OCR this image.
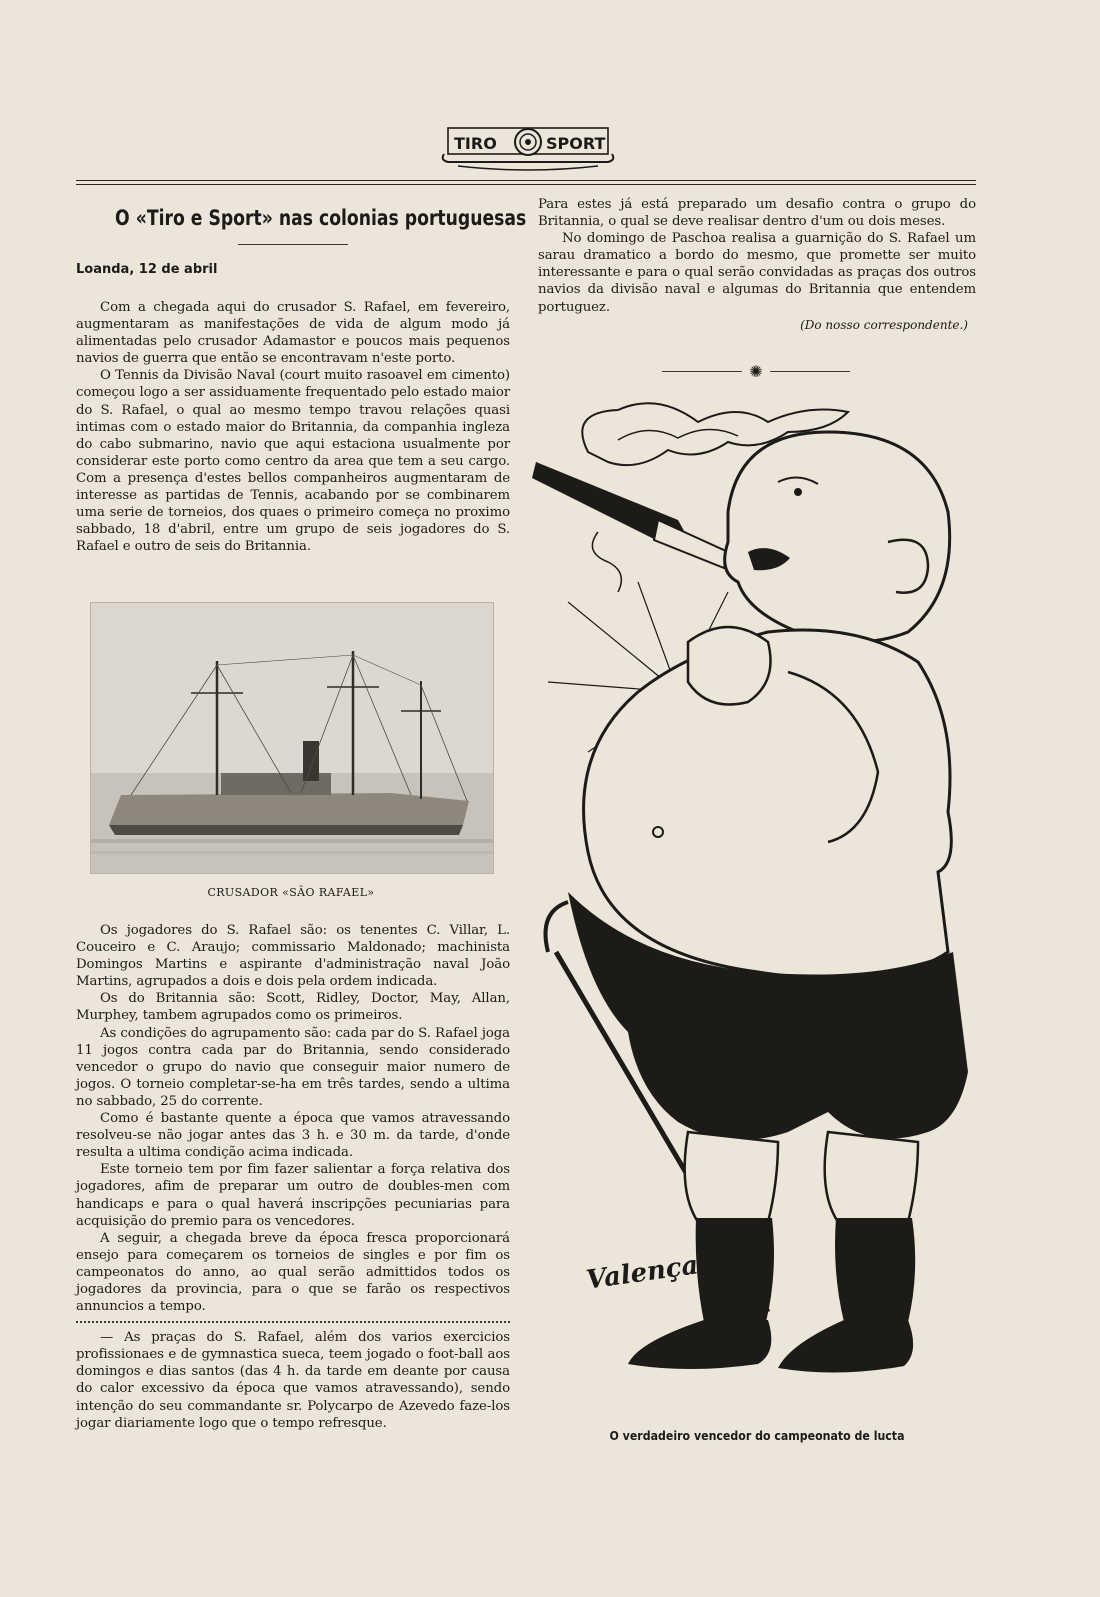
TIRO	SPORT
O «Tiro e Sport» nas colonias portuguesas
Loanda, 12 de abril

Com a chegada aqui do crusador S. Rafael, em fevereiro, augmentaram as manifestações de vida de algum modo já alimentadas pelo crusador Adamastor e poucos mais pequenos navios de guerra que então se encontravam n'este porto.

O Tennis da Divisão Naval (court muito rasoavel em cimento) começou logo a ser assiduamente frequentado pelo estado maior do S. Rafael, o qual ao mesmo tempo travou relações quasi intimas com o estado maior do Britannia, da companhia ingleza do cabo submarino, navio que aqui estaciona usualmente por considerar este porto como centro da area que tem a seu cargo. Com a presença d'estes bellos companheiros augmentaram de interesse as partidas de Tennis, acabando por se combinarem uma serie de torneios, dos quaes o primeiro começa no proximo sabbado, 18 d'abril, entre um grupo de seis jogadores do S. Rafael e outro de seis do Britannia.

CRUSADOR «SÃO RAFAEL»

Os jogadores do S. Rafael são: os tenentes C. Villar, L. Couceiro e C. Araujo; commissario Maldonado; machinista Domingos Martins e aspirante d'administração naval João Martins, agrupados a dois e dois pela ordem indicada.

Os do Britannia são: Scott, Ridley, Doctor, May, Allan, Murphey, tambem agrupados como os primeiros.

As condições do agrupamento são: cada par do S. Rafael joga 11 jogos contra cada par do Britannia, sendo considerado vencedor o grupo do navio que conseguir maior numero de jogos. O torneio completar-se-ha em três tardes, sendo a ultima no sabbado, 25 do corrente.

Como é bastante quente a época que vamos atravessando resolveu-se não jogar antes das 3 h. e 30 m. da tarde, d'onde resulta a ultima condição acima indicada.

Este torneio tem por fim fazer salientar a força relativa dos jogadores, afim de preparar um outro de doubles-men com handicaps e para o qual haverá inscripções pecuniarias para acquisição do premio para os vencedores.

A seguir, a chegada breve da época fresca proporcionará ensejo para começarem os torneios de singles e por fim os campeonatos do anno, ao qual serão admittidos todos os jogadores da provincia, para o que se farão os respectivos annuncios a tempo.

— As praças do S. Rafael, além dos varios exercicios profissionaes e de gymnastica sueca, teem jogado o foot-ball aos domingos e dias santos (das 4 h. da tarde em deante por causa do calor excessivo da época que vamos atravessando), sendo intenção do seu commandante sr. Polycarpo de Azevedo faze-los jogar diariamente logo que o tempo refresque.

Para estes já está preparado um desafio contra o grupo do Britannia, o qual se deve realisar dentro d'um ou dois meses.

No domingo de Paschoa realisa a guarnição do S. Rafael um sarau dramatico a bordo do mesmo, que promette ser muito interessante e para o qual serão convidadas as praças dos outros navios da divisão naval e algumas do Britannia que entendem portuguez.

(Do nosso correspondente.)
✺
Valença
O verdadeiro vencedor do campeonato de lucta
